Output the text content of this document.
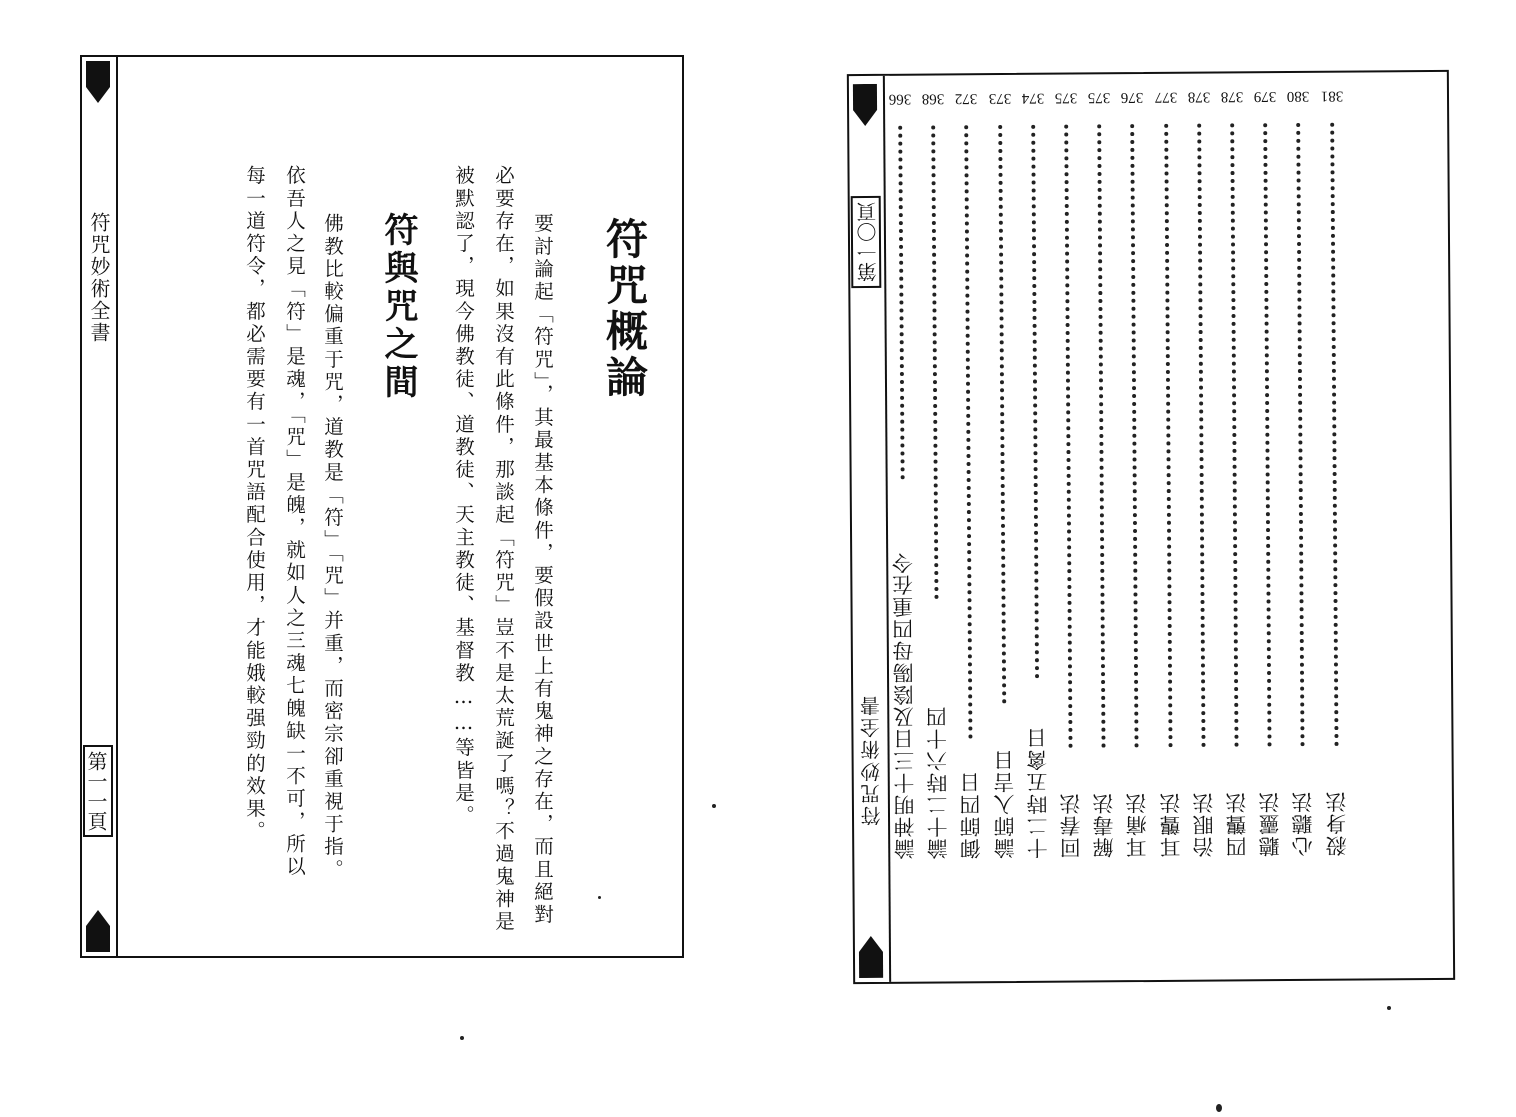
符咒妙術全書
第一一頁
符咒概論
要討論起「符咒」，其最基本條件，要假設世上有鬼神之存在，而且絕對
必要存在，如果沒有此條件，那談起「符咒」豈不是太荒誕了嗎？不過鬼神是
被默認了，現今佛教徒、道教徒、天主教徒、基督教……等皆是。
符與咒之間
佛教比較偏重于咒，道教是「符」「咒」并重，而密宗卻重視于指。
依吾人之見「符」是魂，「咒」是魄，就如人之三魂七魄缺一不可，所以
每一道符令，都必需要有一首咒語配合使用，才能娥較强勁的效果。	第一〇頁
符咒妙術全書
366
論神明十三日及陰陽母四重在令
368
論十二時六十四
372
御師四日
373
論師入吉日
374
十二時五禽日
375
回春法
375
解毒法
376
耳痛法
377
耳聾法
378
治眼法
378
四聾法
379
聽靈法
380
心聽法
381
殺身法
